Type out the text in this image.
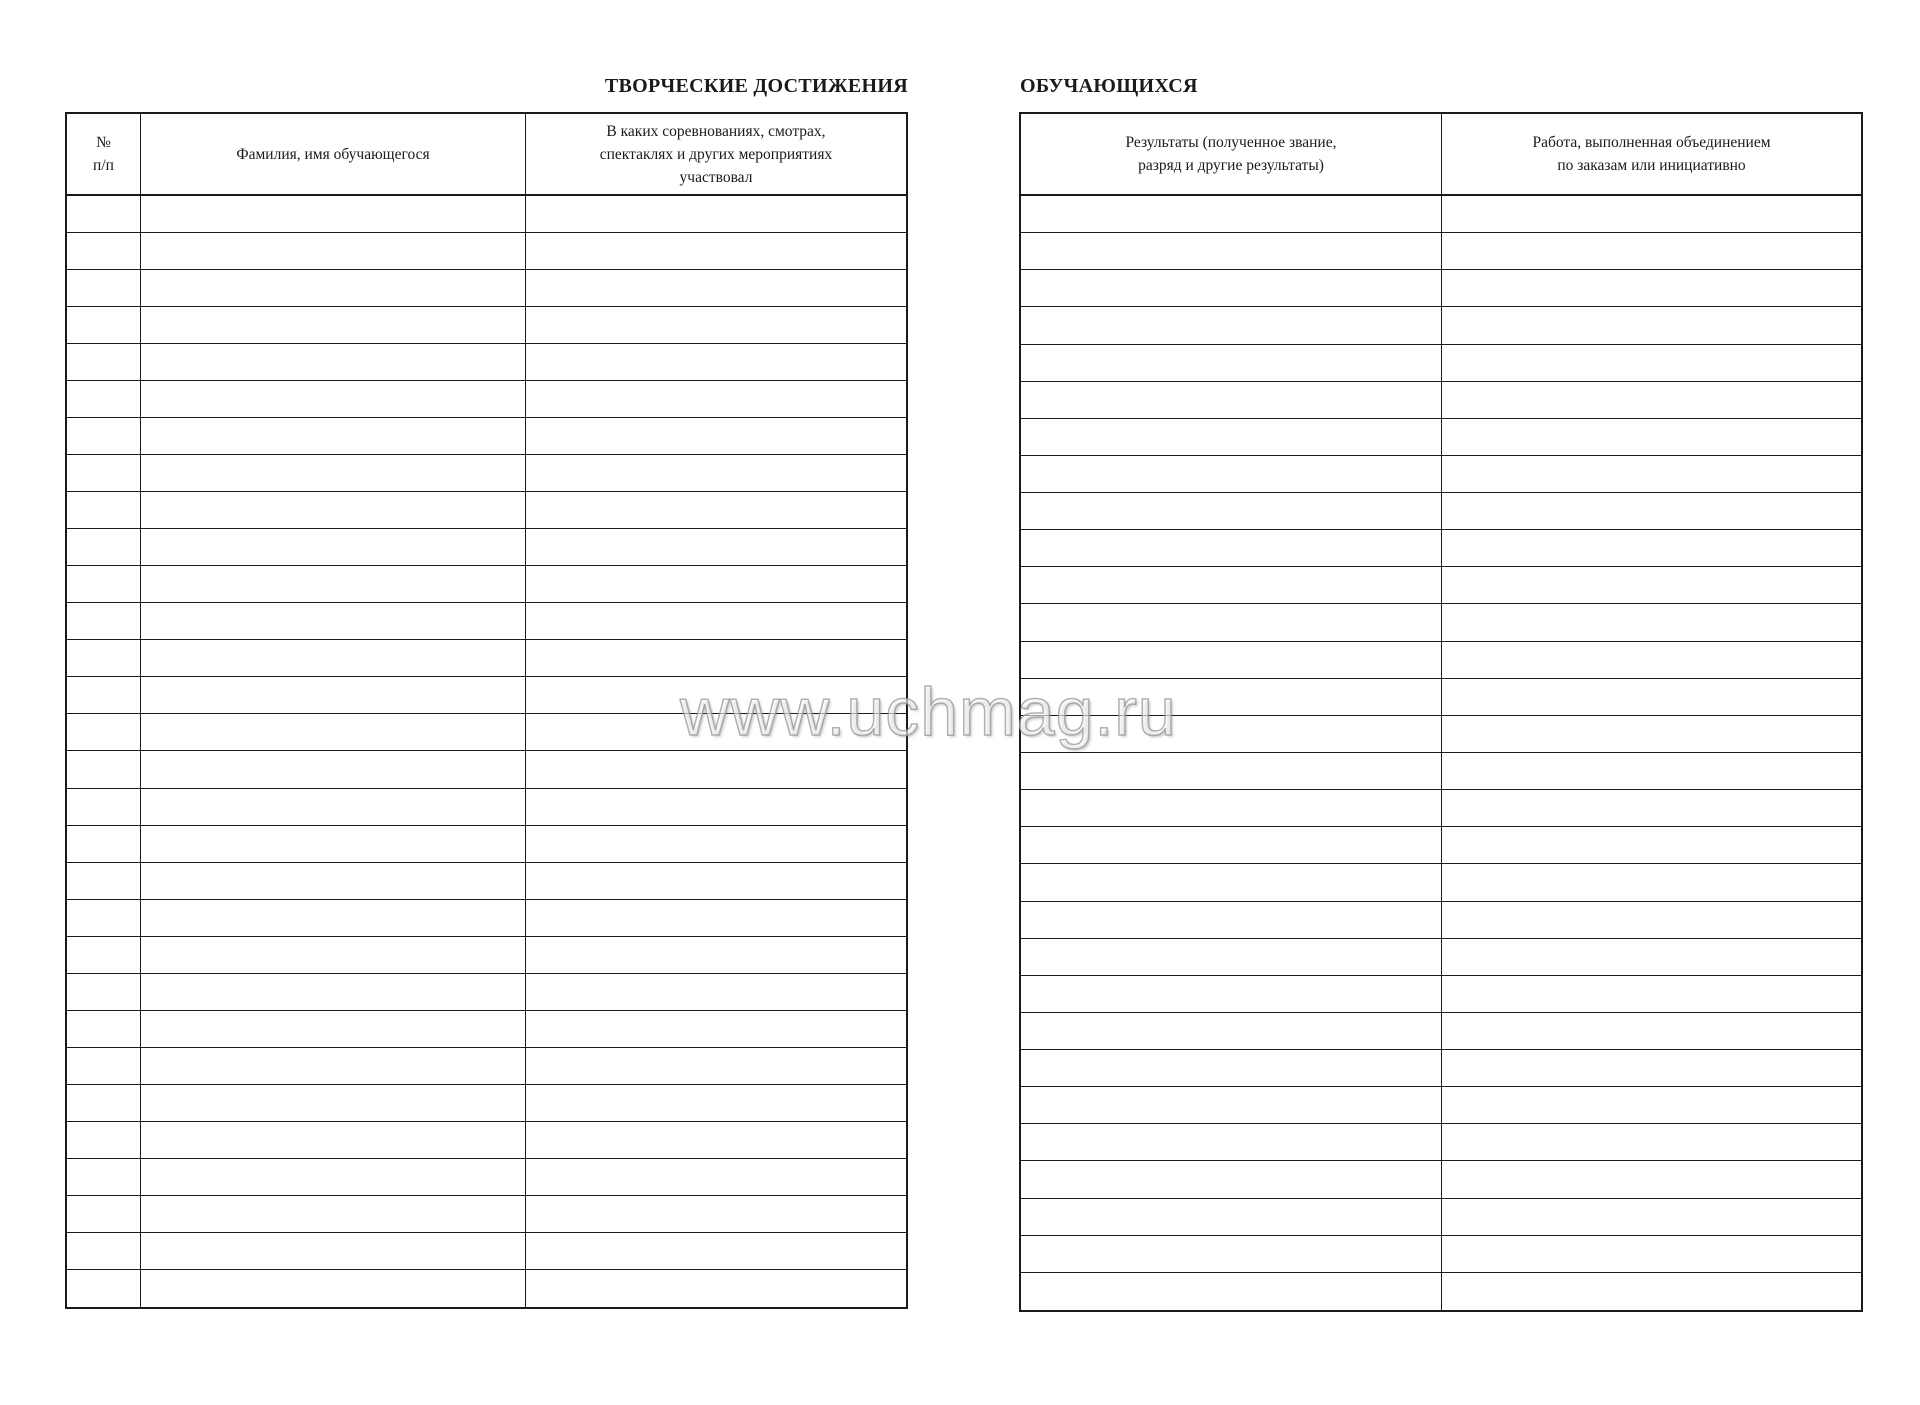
ТВОРЧЕСКИЕ ДОСТИЖЕНИЯ	ОБУЧАЮЩИХСЯ
№
п/п
Фамилия, имя обучающегося
В каких соревнованиях, смотрах,
спектаклях и других мероприятиях
участвовал
Результаты (полученное звание,
разряд и другие результаты)
Работа, выполненная объединением
по заказам или инициативно
www.uchmag.ru
